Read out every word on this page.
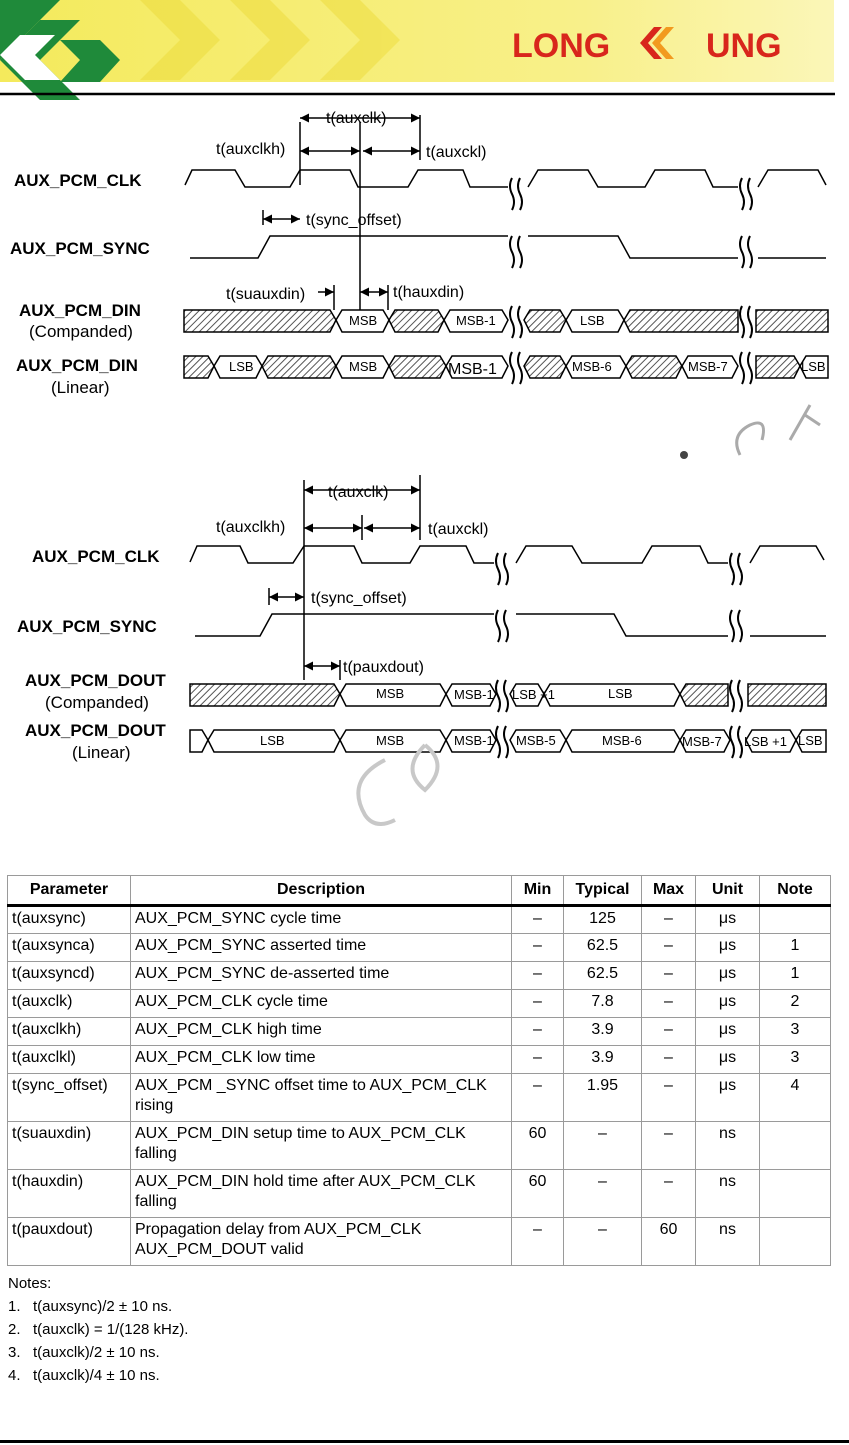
LONG	UNG
AUX_PCM_CLK
AUX_PCM_SYNC
AUX_PCM_DIN
(Companded)
AUX_PCM_DIN
(Linear)
t(auxclk)
t(auxclkh)	t(auxckl)
t(sync_offset)
t(suauxdin)	t(hauxdin)
MSB	MSB-1	LSB
LSB	MSB	MSB-1	MSB-6	MSB-7	LSB
AUX_PCM_CLK
AUX_PCM_SYNC
AUX_PCM_DOUT
(Companded)
AUX_PCM_DOUT
(Linear)
t(auxclk)
t(auxclkh)	t(auxckl)
t(sync_offset)
t(pauxdout)
MSB	MSB-1 LSB +1	LSB
LSB	MSB	MSB-1 MSB-5	MSB-6	MSB-7 LSB +1 LSB
Parameter	Description	Min	Typical	Max	Unit	Note
t(auxsync)	AUX_PCM_SYNC cycle time	–	125	–	μs	
t(auxsynca)	AUX_PCM_SYNC asserted time	–	62.5	–	μs	1
t(auxsyncd)	AUX_PCM_SYNC de-asserted time	–	62.5	–	μs	1
t(auxclk)	AUX_PCM_CLK cycle time	–	7.8	–	μs	2
t(auxclkh)	AUX_PCM_CLK high time	–	3.9	–	μs	3
t(auxclkl)	AUX_PCM_CLK low time	–	3.9	–	μs	3
t(sync_offset)	AUX_PCM _SYNC offset time to AUX_PCM_CLK rising	–	1.95	–	μs	4
t(suauxdin)	AUX_PCM_DIN setup time to AUX_PCM_CLK falling	60	–	–	ns	
t(hauxdin)	AUX_PCM_DIN hold time after AUX_PCM_CLK falling	60	–	–	ns	
t(pauxdout)	Propagation delay from AUX_PCM_CLK AUX_PCM_DOUT valid	–	–	60	ns	
Notes:
1.   t(auxsync)/2 ± 10 ns.
2.   t(auxclk) = 1/(128 kHz).
3.   t(auxclk)/2 ± 10 ns.
4.   t(auxclk)/4 ± 10 ns.
